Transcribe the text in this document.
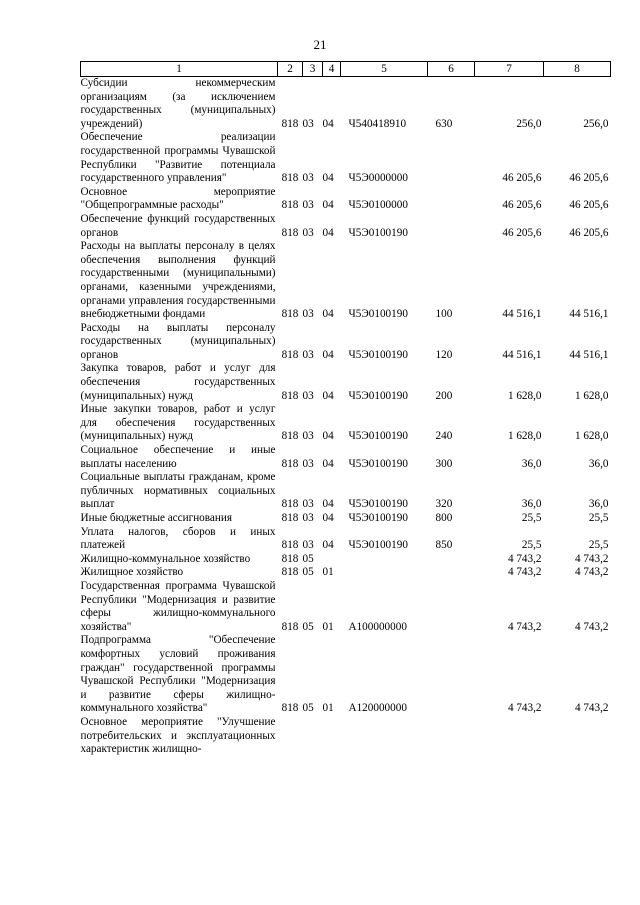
21
1	2	3	4	5	6	7	8
Субсидии некоммерческим организациям (за исключением государственных (муниципальных) учреждений)	818	03	04	Ч540418910	630	256,0	256,0
Обеспечение реализации государственной программы Чувашской Республики "Развитие потенциала государственного управления"	818	03	04	Ч5Э0000000		46 205,6	46 205,6
Основное мероприятие "Общепрограммные расходы"	818	03	04	Ч5Э0100000		46 205,6	46 205,6
Обеспечение функций государственных органов	818	03	04	Ч5Э0100190		46 205,6	46 205,6
Расходы на выплаты персоналу в целях обеспечения выполнения функций государственными (муниципальными) органами, казенными учреждениями, органами управления государственными внебюджетными фондами	818	03	04	Ч5Э0100190	100	44 516,1	44 516,1
Расходы на выплаты персоналу государственных (муниципальных) органов	818	03	04	Ч5Э0100190	120	44 516,1	44 516,1
Закупка товаров, работ и услуг для обеспечения государственных (муниципальных) нужд	818	03	04	Ч5Э0100190	200	1 628,0	1 628,0
Иные закупки товаров, работ и услуг для обеспечения государственных (муниципальных) нужд	818	03	04	Ч5Э0100190	240	1 628,0	1 628,0
Социальное обеспечение и иные выплаты населению	818	03	04	Ч5Э0100190	300	36,0	36,0
Социальные выплаты гражданам, кроме публичных нормативных социальных выплат	818	03	04	Ч5Э0100190	320	36,0	36,0
Иные бюджетные ассигнования	818	03	04	Ч5Э0100190	800	25,5	25,5
Уплата налогов, сборов и иных платежей	818	03	04	Ч5Э0100190	850	25,5	25,5
Жилищно-коммунальное хозяйство	818	05				4 743,2	4 743,2
Жилищное хозяйство	818	05	01			4 743,2	4 743,2
Государственная программа Чувашской Республики "Модернизация и развитие сферы жилищно-коммунального хозяйства"	818	05	01	A100000000		4 743,2	4 743,2
Подпрограмма "Обеспечение комфортных условий проживания граждан" государственной программы Чувашской Республики "Модернизация и развитие сферы жилищно-коммунального хозяйства"	818	05	01	A120000000		4 743,2	4 743,2
Основное мероприятие "Улучшение потребительских и эксплуатационных характеристик жилищно-							
